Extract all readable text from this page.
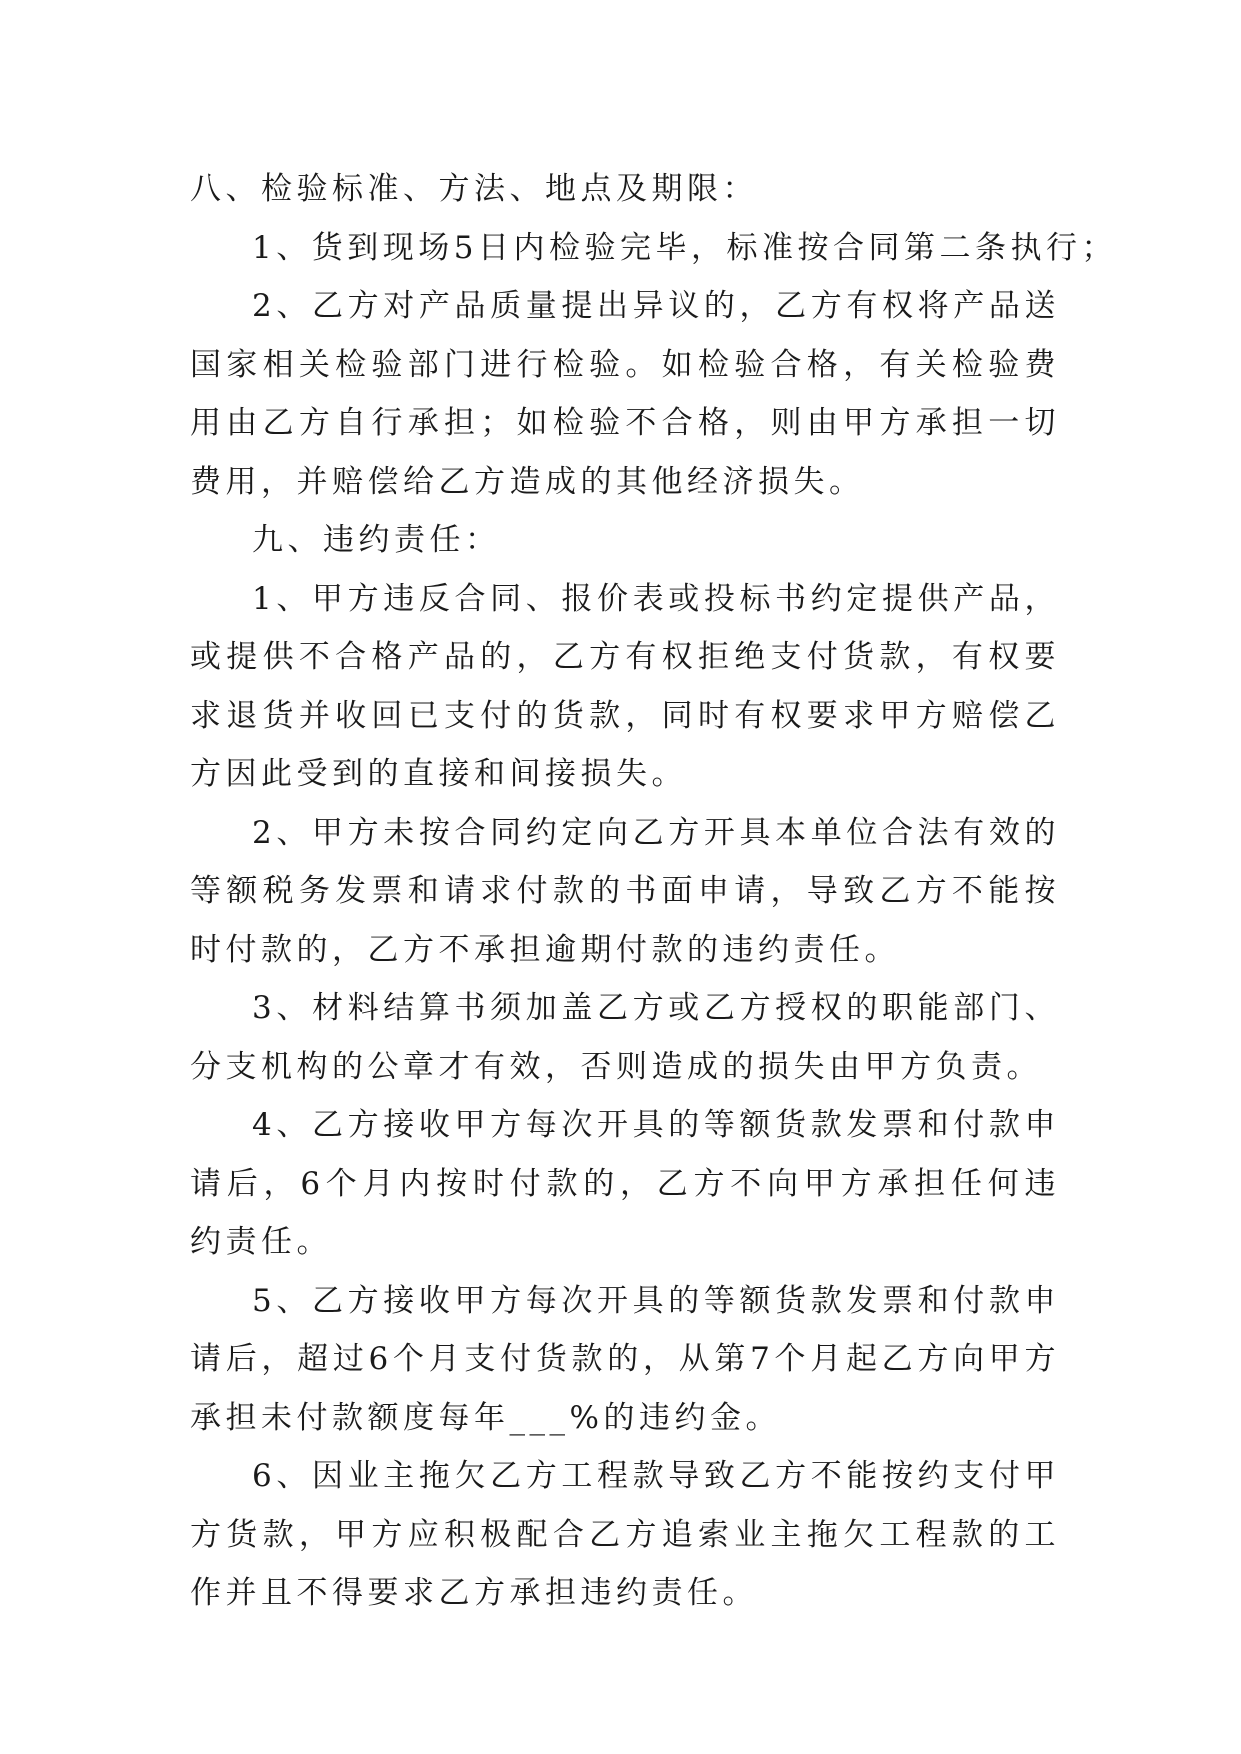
八、检验标准、方法、地点及期限：

1、货到现场5日内检验完毕，标准按合同第二条执行；

2、乙方对产品质量提出异议的，乙方有权将产品送国家相关检验部门进行检验。如检验合格，有关检验费用由乙方自行承担；如检验不合格，则由甲方承担一切费用，并赔偿给乙方造成的其他经济损失。

九、违约责任：

1、甲方违反合同、报价表或投标书约定提供产品，或提供不合格产品的，乙方有权拒绝支付货款，有权要求退货并收回已支付的货款，同时有权要求甲方赔偿乙方因此受到的直接和间接损失。

2、甲方未按合同约定向乙方开具本单位合法有效的等额税务发票和请求付款的书面申请，导致乙方不能按时付款的，乙方不承担逾期付款的违约责任。

3、材料结算书须加盖乙方或乙方授权的职能部门、分支机构的公章才有效，否则造成的损失由甲方负责。

4、乙方接收甲方每次开具的等额货款发票和付款申请后，6个月内按时付款的，乙方不向甲方承担任何违约责任。

5、乙方接收甲方每次开具的等额货款发票和付款申请后，超过6个月支付货款的，从第7个月起乙方向甲方承担未付款额度每年___%的违约金。

6、因业主拖欠乙方工程款导致乙方不能按约支付甲方货款，甲方应积极配合乙方追索业主拖欠工程款的工作并且不得要求乙方承担违约责任。
